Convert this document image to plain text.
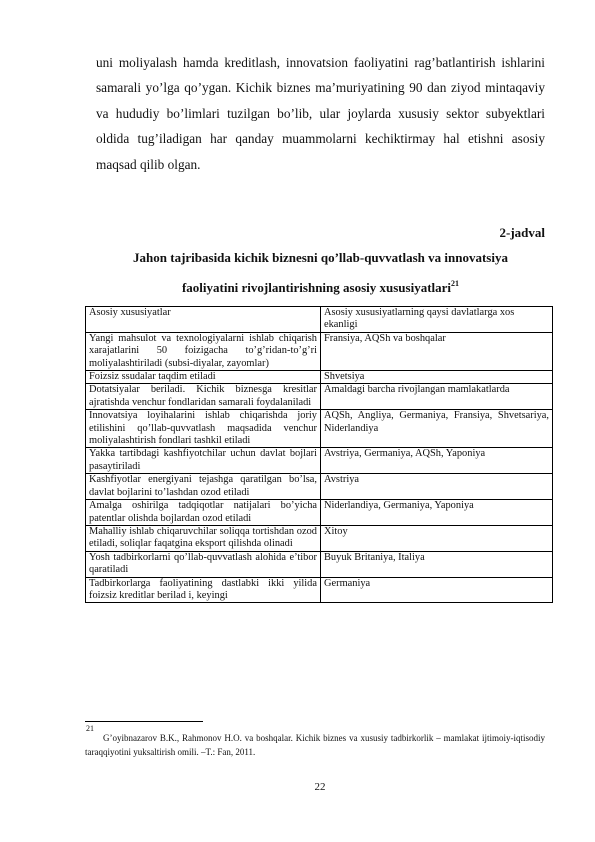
uni moliyalash hamda kreditlash, innovatsion faoliyatini rag’batlantirish ishlarini samarali yo’lga qo’ygan. Kichik biznes ma’muriyatining 90 dan ziyod mintaqaviy va hududiy bo’limlari tuzilgan bo’lib, ular joylarda xususiy sektor subyektlari oldida tug’iladigan har qanday muammolarni kechiktirmay hal etishni asosiy maqsad qilib olgan.

2-jadval

Jahon tajribasida kichik biznesni qo’llab-quvvatlash va innovatsiya
faoliyatini rivojlantirishning asosiy xususiyatlari$^{21}$

Asosiy xususiyatlar	Asosiy xususiyatlarning qaysi davlatlarga xos ekanligi
Yangi mahsulot va texnologiyalarni ishlab chiqarish xarajatlarini 50 foizigacha to’g’ridan-to’g’ri moliyalashtiriladi (subsi-diyalar, zayomlar)	Fransiya, AQSh va boshqalar
Foizsiz ssudalar taqdim etiladi	Shvetsiya
Dotatsiyalar beriladi. Kichik biznesga kresitlar ajratishda venchur fondlaridan samarali foydalaniladi	Amaldagi barcha rivojlangan mamlakatlarda
Innovatsiya loyihalarini ishlab chiqarishda joriy etilishini qo’llab-quvvatlash maqsadida venchur moliyalashtirish fondlari tashkil etiladi	AQSh, Angliya, Germaniya, Fransiya, Shvetsariya, Niderlandiya
Yakka tartibdagi kashfiyotchilar uchun davlat bojlari pasaytiriladi	Avstriya, Germaniya, AQSh, Yaponiya
Kashfiyotlar energiyani tejashga qaratilgan bo’lsa, davlat bojlarini to’lashdan ozod etiladi	Avstriya
Amalga oshirilga tadqiqotlar natijalari bo’yicha patentlar olishda bojlardan ozod etiladi	Niderlandiya, Germaniya, Yaponiya
Mahalliy ishlab chiqaruvchilar soliqqa tortishdan ozod etiladi, soliqlar faqatgina eksport qilishda olinadi	Xitoy
Yosh tadbirkorlarni qo’llab-quvvatlash alohida e’tibor qaratiladi	Buyuk Britaniya, Italiya
Tadbirkorlarga faoliyatining dastlabki ikki yilida foizsiz kreditlar berilad i, keyingi	Germaniya
21

G’oyibnazarov B.K., Rahmonov H.O. va boshqalar. Kichik biznes va xususiy tadbirkorlik – mamlakat ijtimoiy-iqtisodiy taraqqiyotini yuksaltirish omili. –T.: Fan, 2011.

22
